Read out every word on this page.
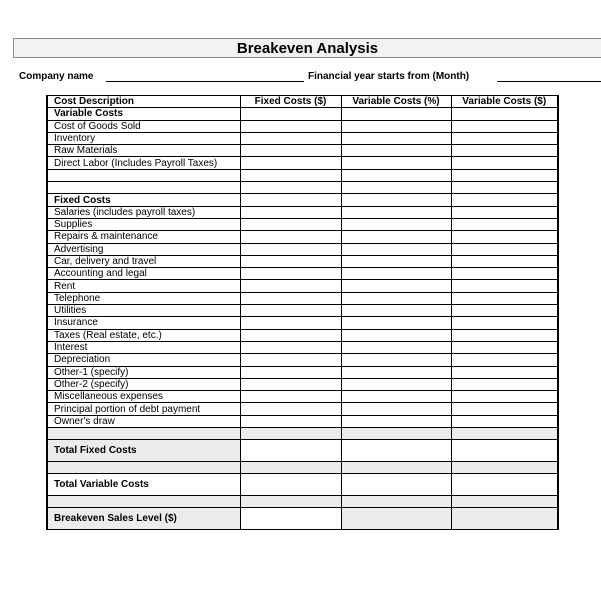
Breakeven Analysis
Company name	Financial year starts from (Month)
Cost Description	Fixed Costs ($)	Variable Costs (%)	Variable Costs ($)
Variable Costs			
Cost of Goods Sold			
Inventory			
Raw Materials			
Direct Labor (Includes Payroll Taxes)			

Fixed Costs			
Salaries (includes payroll taxes)			
Supplies			
Repairs & maintenance			
Advertising			
Car, delivery and travel			
Accounting and legal			
Rent			
Telephone			
Utilities			
Insurance			
Taxes (Real estate, etc.)			
Interest			
Depreciation			
Other-1 (specify)			
Other-2 (specify)			
Miscellaneous expenses			
Principal portion of debt payment			
Owner's draw			

Total Fixed Costs			

Total Variable Costs			

Breakeven Sales Level ($)			
